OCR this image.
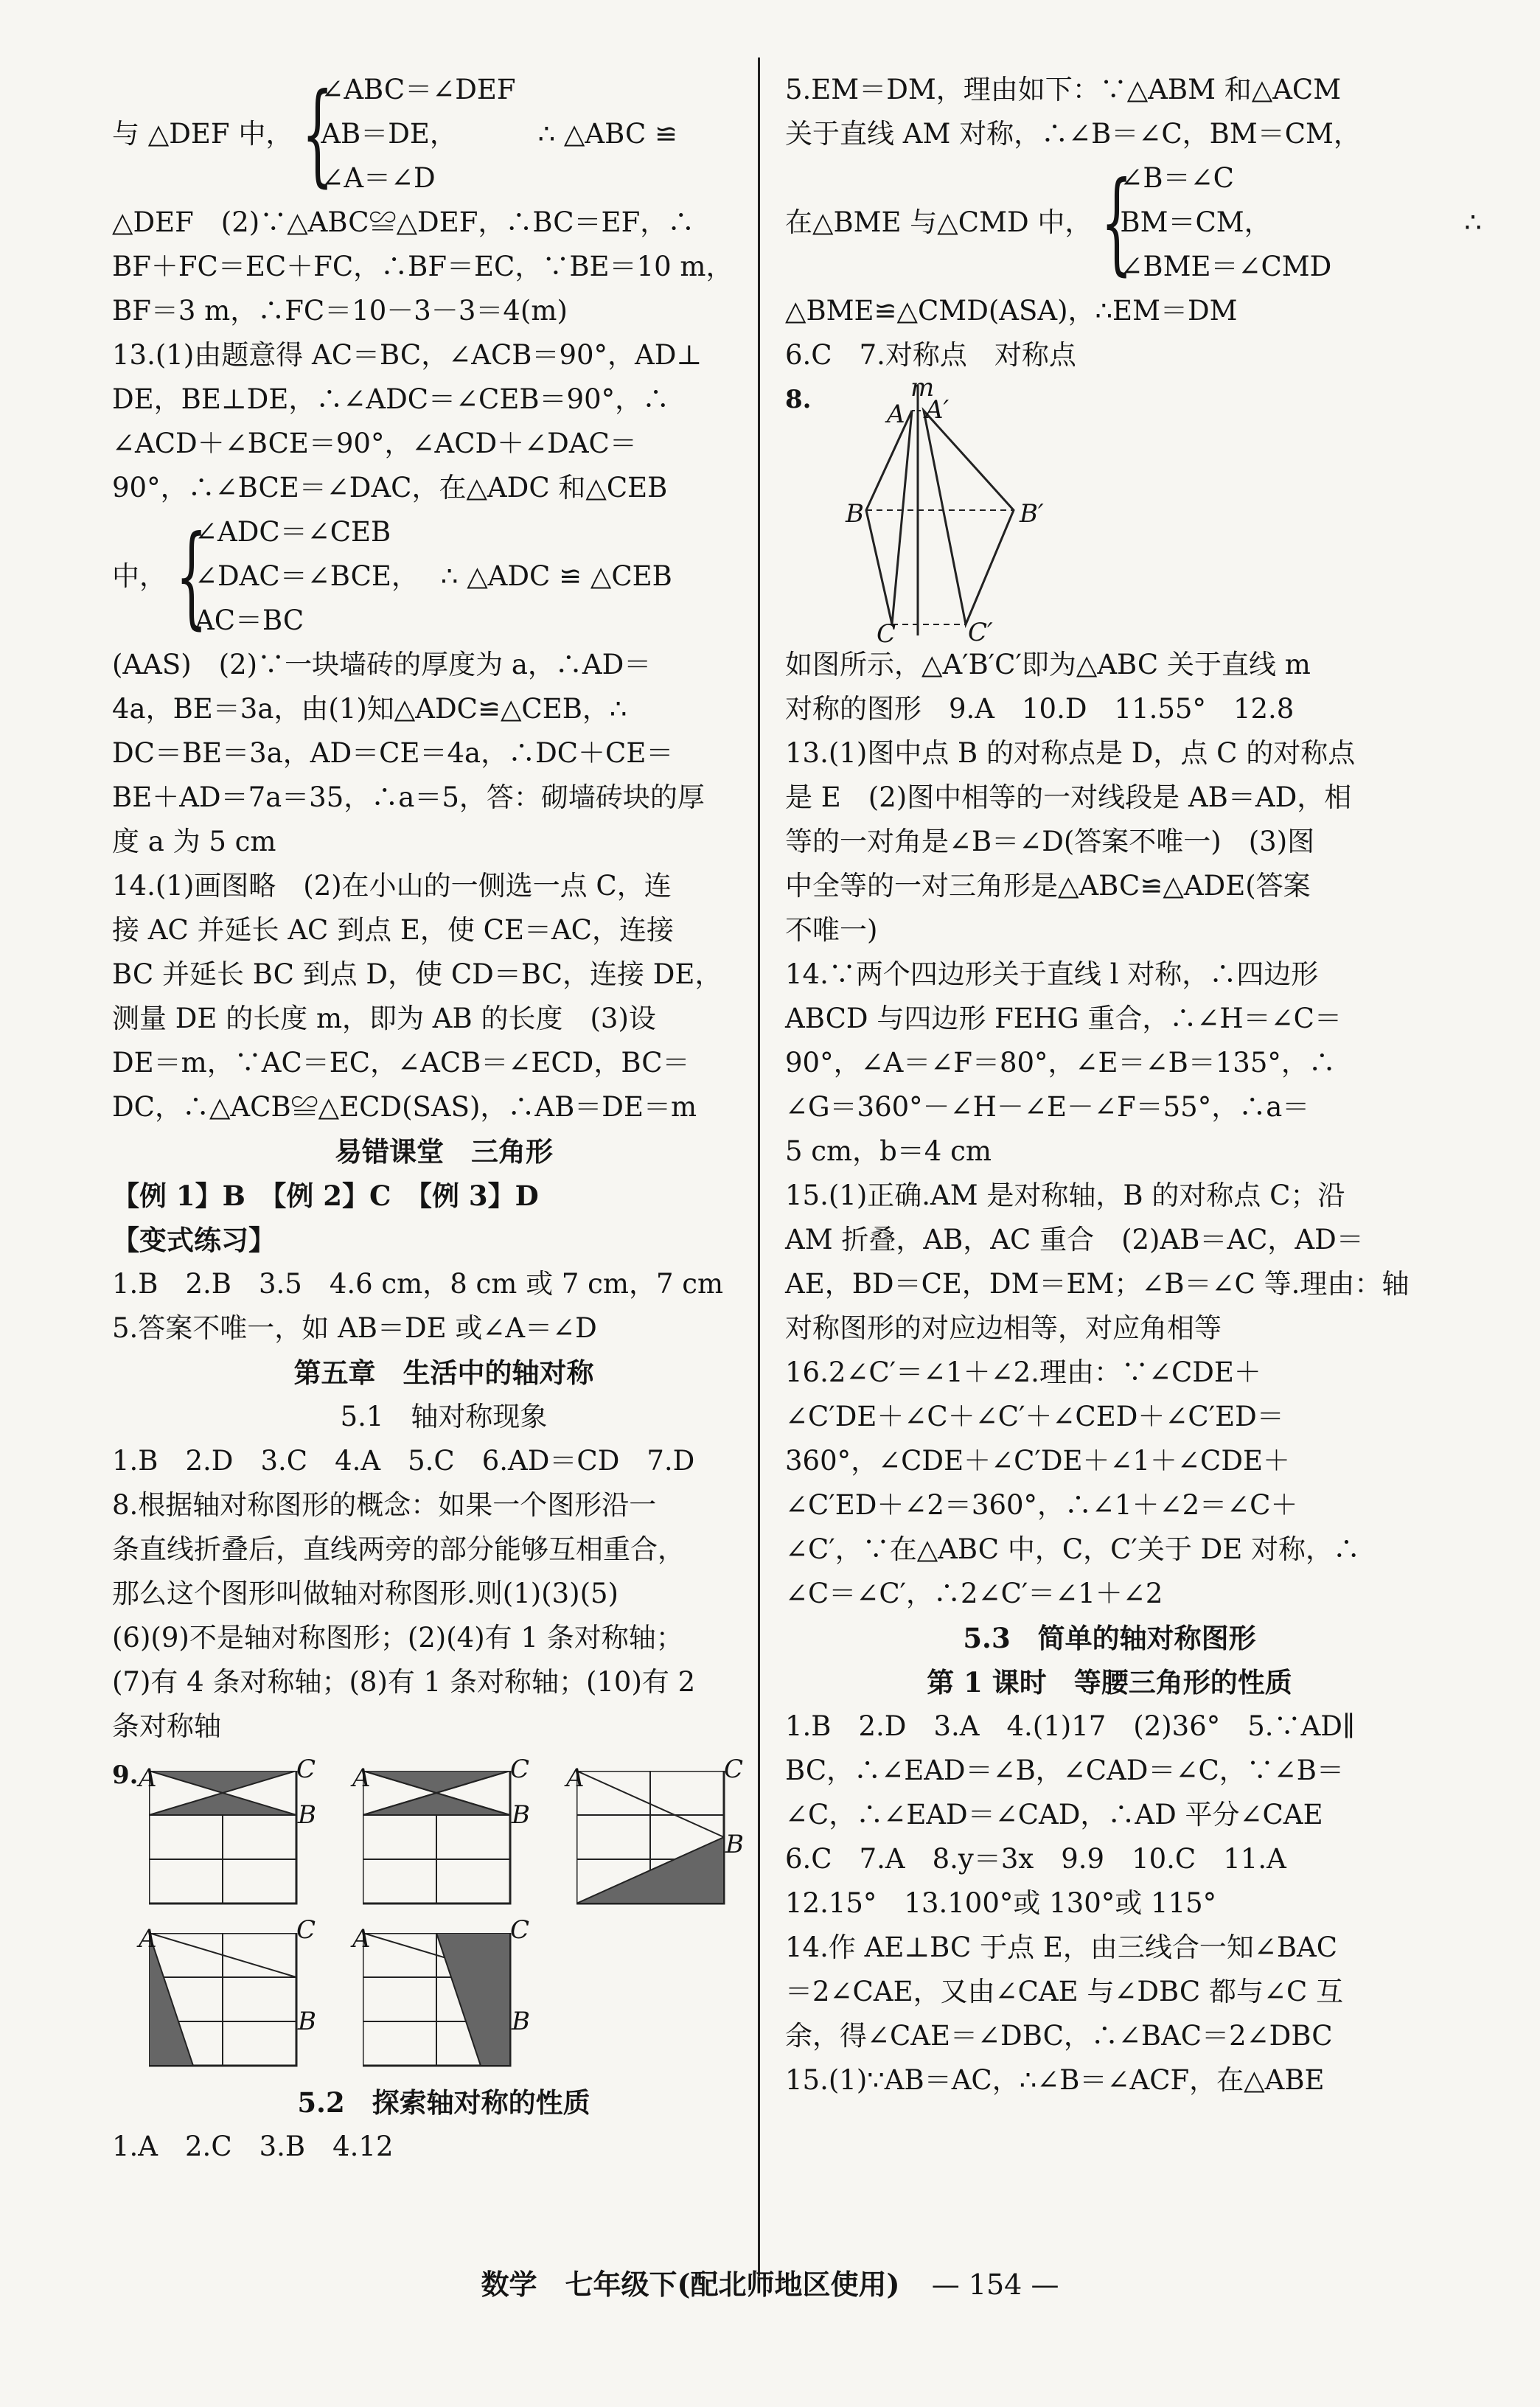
与 △DEF 中， {
∠ABC＝∠DEF
AB＝DE，
∠A＝∠D
∴ △ABC ≌
△DEF　(2)∵△ABC≌△DEF，∴BC＝EF，∴
BF＋FC＝EC＋FC，∴BF＝EC，∵BE＝10 m，
BF＝3 m，∴FC＝10－3－3＝4(m)
13.(1)由题意得 AC＝BC，∠ACB＝90°，AD⊥
DE，BE⊥DE，∴∠ADC＝∠CEB＝90°，∴
∠ACD＋∠BCE＝90°，∠ACD＋∠DAC＝
90°，∴∠BCE＝∠DAC，在△ADC 和△CEB
中， {
∠ADC＝∠CEB
∠DAC＝∠BCE，
AC＝BC
∴ △ADC ≌ △CEB
(AAS)　(2)∵一块墙砖的厚度为 a，∴AD＝
4a，BE＝3a，由(1)知△ADC≌△CEB，∴
DC＝BE＝3a，AD＝CE＝4a，∴DC＋CE＝
BE＋AD＝7a＝35，∴a＝5，答：砌墙砖块的厚
度 a 为 5 cm
14.(1)画图略　(2)在小山的一侧选一点 C，连
接 AC 并延长 AC 到点 E，使 CE＝AC，连接
BC 并延长 BC 到点 D，使 CD＝BC，连接 DE，
测量 DE 的长度 m，即为 AB 的长度　(3)设
DE＝m，∵AC＝EC，∠ACB＝∠ECD，BC＝
DC，∴△ACB≌△ECD(SAS)，∴AB＝DE＝m
易错课堂　三角形
【例 1】B　【例 2】C　【例 3】D
【变式练习】
1.B　2.B　3.5　4.6 cm，8 cm 或 7 cm，7 cm
5.答案不唯一，如 AB＝DE 或∠A＝∠D
第五章　生活中的轴对称
5.1　轴对称现象
1.B　2.D　3.C　4.A　5.C　6.AD＝CD　7.D
8.根据轴对称图形的概念：如果一个图形沿一
条直线折叠后，直线两旁的部分能够互相重合，
那么这个图形叫做轴对称图形.则(1)(3)(5)
(6)(9)不是轴对称图形；(2)(4)有 1 条对称轴；
(7)有 4 条对称轴；(8)有 1 条对称轴；(10)有 2
条对称轴
9. A	C
B
A	C
B
A	C
B
A	C
B
A	C
B
5.2　探索轴对称的性质
1.A　2.C　3.B　4.12
5.EM＝DM，理由如下：∵△ABM 和△ACM
关于直线 AM 对称，∴∠B＝∠C，BM＝CM，
在△BME 与△CMD 中， {
∠B＝∠C
BM＝CM，
∠BME＝∠CMD
∴
△BME≌△CMD(ASA)，∴EM＝DM
6.C　7.对称点　对称点
8.	m
A A′
B	B′
C	C′
如图所示，△A′B′C′即为△ABC 关于直线 m
对称的图形　9.A　10.D　11.55°　12.8
13.(1)图中点 B 的对称点是 D，点 C 的对称点
是 E　(2)图中相等的一对线段是 AB＝AD，相
等的一对角是∠B＝∠D(答案不唯一)　(3)图
中全等的一对三角形是△ABC≌△ADE(答案
不唯一)
14.∵两个四边形关于直线 l 对称，∴四边形
ABCD 与四边形 FEHG 重合，∴∠H＝∠C＝
90°，∠A＝∠F＝80°，∠E＝∠B＝135°，∴
∠G＝360°－∠H－∠E－∠F＝55°，∴a＝
5 cm，b＝4 cm
15.(1)正确.AM 是对称轴，B 的对称点 C；沿
AM 折叠，AB，AC 重合　(2)AB＝AC，AD＝
AE，BD＝CE，DM＝EM；∠B＝∠C 等.理由：轴
对称图形的对应边相等，对应角相等
16.2∠C′＝∠1＋∠2.理由：∵∠CDE＋
∠C′DE＋∠C＋∠C′＋∠CED＋∠C′ED＝
360°，∠CDE＋∠C′DE＋∠1＋∠CDE＋
∠C′ED＋∠2＝360°，∴∠1＋∠2＝∠C＋
∠C′，∵在△ABC 中，C，C′关于 DE 对称，∴
∠C＝∠C′，∴2∠C′＝∠1＋∠2
5.3　简单的轴对称图形
第 1 课时　等腰三角形的性质
1.B　2.D　3.A　4.(1)17　(2)36°　5.∵AD∥
BC，∴∠EAD＝∠B，∠CAD＝∠C，∵∠B＝
∠C，∴∠EAD＝∠CAD，∴AD 平分∠CAE
6.C　7.A　8.y＝3x　9.9　10.C　11.A
12.15°　13.100°或 130°或 115°
14.作 AE⊥BC 于点 E，由三线合一知∠BAC
＝2∠CAE，又由∠CAE 与∠DBC 都与∠C 互
余，得∠CAE＝∠DBC，∴∠BAC＝2∠DBC
15.(1)∵AB＝AC，∴∠B＝∠ACF，在△ABE
数学　七年级下(配北师地区使用) — 154 —
